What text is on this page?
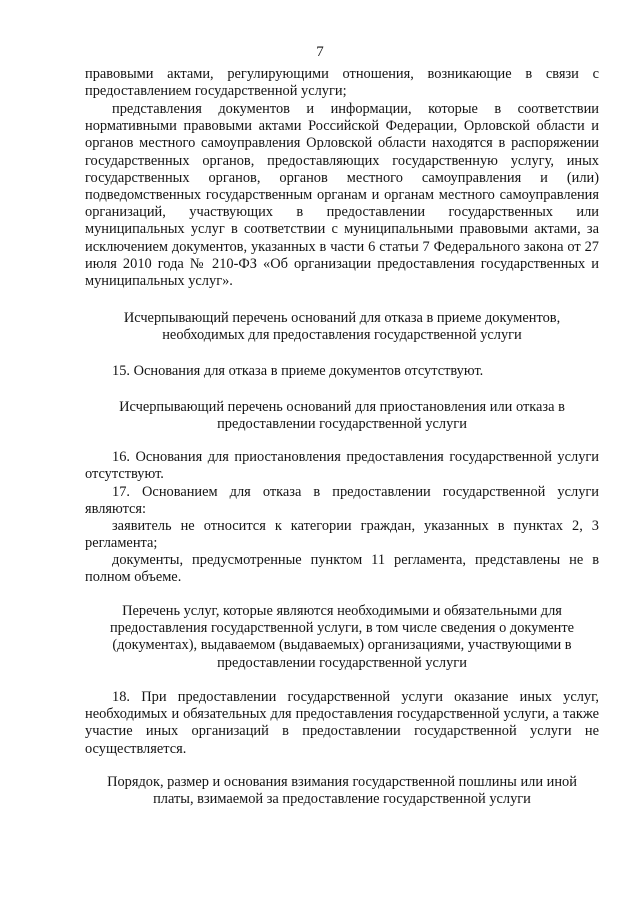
7

правовыми актами, регулирующими отношения, возникающие в связи с предоставлением государственной услуги;

представления документов и информации, которые в соответствии нормативными правовыми актами Российской Федерации, Орловской области и органов местного самоуправления Орловской области находятся в распоряжении государственных органов, предоставляющих государственную услугу, иных государственных органов, органов местного самоуправления и (или) подведомственных государственным органам и органам местного самоуправления организаций, участвующих в предоставлении государственных или муниципальных услуг в соответствии с муниципальными правовыми актами, за исключением документов, указанных в части 6 статьи 7 Федерального закона от 27 июля 2010 года № 210-ФЗ «Об организации предоставления государственных и муниципальных услуг».

Исчерпывающий перечень оснований для отказа в приеме документов, необходимых для предоставления государственной услуги

15. Основания для отказа в приеме документов отсутствуют.

Исчерпывающий перечень оснований для приостановления или отказа в предоставлении государственной услуги

16. Основания для приостановления предоставления государственной услуги отсутствуют.

17. Основанием для отказа в предоставлении государственной услуги являются:

заявитель не относится к категории граждан, указанных в пунктах 2, 3 регламента;

документы, предусмотренные пунктом 11 регламента, представлены не в полном объеме.

Перечень услуг, которые являются необходимыми и обязательными для предоставления государственной услуги, в том числе сведения о документе (документах), выдаваемом (выдаваемых) организациями, участвующими в предоставлении государственной услуги

18. При предоставлении государственной услуги оказание иных услуг, необходимых и обязательных для предоставления государственной услуги, а также участие иных организаций в предоставлении государственной услуги не осуществляется.

Порядок, размер и основания взимания государственной пошлины или иной платы, взимаемой за предоставление государственной услуги
